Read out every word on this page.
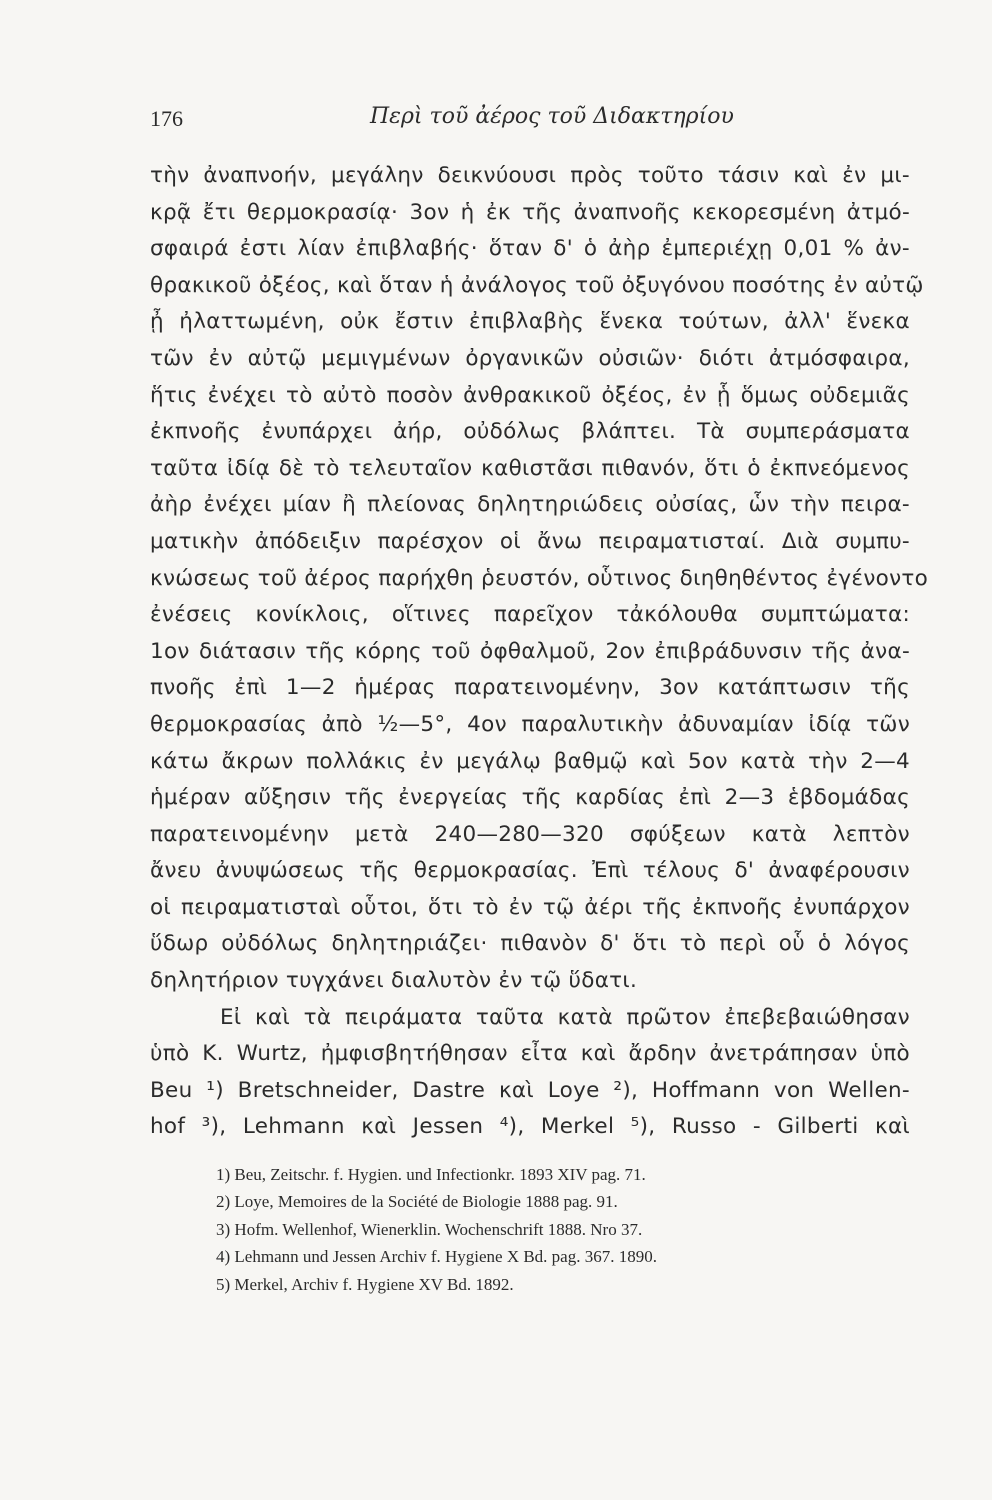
176	Περὶ τοῦ ἀέρος τοῦ Διδακτηρίου
τὴν ἀναπνοήν, μεγάλην δεικνύουσι πρὸς τοῦτο τάσιν καὶ ἐν μι-
κρᾷ ἔτι θερμοκρασίᾳ· 3ον ἡ ἐκ τῆς ἀναπνοῆς κεκορεσμένη ἀτμό-
σφαιρά ἐστι λίαν ἐπιβλαβής· ὅταν δ' ὁ ἀὴρ ἐμπεριέχῃ 0,01 % ἀν-
θρακικοῦ ὀξέος, καὶ ὅταν ἡ ἀνάλογος τοῦ ὀξυγόνου ποσότης ἐν αὐτῷ
ᾖ ἠλαττωμένη, οὐκ ἔστιν ἐπιβλαβὴς ἕνεκα τούτων, ἀλλ' ἕνεκα
τῶν ἐν αὐτῷ μεμιγμένων ὀργανικῶν οὐσιῶν· διότι ἀτμόσφαιρα,
ἥτις ἐνέχει τὸ αὐτὸ ποσὸν ἀνθρακικοῦ ὀξέος, ἐν ᾗ ὅμως οὐδεμιᾶς
ἐκπνοῆς ἐνυπάρχει ἀήρ, οὐδόλως βλάπτει. Τὰ συμπεράσματα
ταῦτα ἰδίᾳ δὲ τὸ τελευταῖον καθιστᾶσι πιθανόν, ὅτι ὁ ἐκπνεόμενος
ἀὴρ ἐνέχει μίαν ἢ πλείονας δηλητηριώδεις οὐσίας, ὧν τὴν πειρα-
ματικὴν ἀπόδειξιν παρέσχον οἱ ἄνω πειραματισταί. Διὰ συμπυ-
κνώσεως τοῦ ἀέρος παρήχθη ῥευστόν, οὗτινος διηθηθέντος ἐγένοντο
ἐνέσεις κονίκλοις, οἵτινες παρεῖχον τἀκόλουθα συμπτώματα:
1ον διάτασιν τῆς κόρης τοῦ ὀφθαλμοῦ, 2ον ἐπιβράδυνσιν τῆς ἀνα-
πνοῆς ἐπὶ 1—2 ἡμέρας παρατεινομένην, 3ον κατάπτωσιν τῆς
θερμοκρασίας ἀπὸ ½—5°, 4ον παραλυτικὴν ἀδυναμίαν ἰδίᾳ τῶν
κάτω ἄκρων πολλάκις ἐν μεγάλῳ βαθμῷ καὶ 5ον κατὰ τὴν 2—4
ἡμέραν αὔξησιν τῆς ἐνεργείας τῆς καρδίας ἐπὶ 2—3 ἑβδομάδας
παρατεινομένην μετὰ 240—280—320 σφύξεων κατὰ λεπτὸν
ἄνευ ἀνυψώσεως τῆς θερμοκρασίας. Ἐπὶ τέλους δ' ἀναφέρουσιν
οἱ πειραματισταὶ οὗτοι, ὅτι τὸ ἐν τῷ ἀέρι τῆς ἐκπνοῆς ἐνυπάρχον
ὕδωρ οὐδόλως δηλητηριάζει· πιθανὸν δ' ὅτι τὸ περὶ οὗ ὁ λόγος
δηλητήριον τυγχάνει διαλυτὸν ἐν τῷ ὕδατι.
Εἰ καὶ τὰ πειράματα ταῦτα κατὰ πρῶτον ἐπεβεβαιώθησαν
ὑπὸ K. Wurtz, ἠμφισβητήθησαν εἶτα καὶ ἄρδην ἀνετράπησαν ὑπὸ
Beu ¹) Bretschneider, Dastre καὶ Loye ²), Hoffmann von Wellen-
hof ³), Lehmann καὶ Jessen ⁴), Merkel ⁵), Russo - Gilberti καὶ
1) Beu, Zeitschr. f. Hygien. und Infectionkr. 1893 XIV pag. 71.
2) Loye, Memoires de la Société de Biologie 1888 pag. 91.
3) Hofm. Wellenhof, Wienerklin. Wochenschrift 1888. Nro 37.
4) Lehmann und Jessen Archiv f. Hygiene X Bd. pag. 367. 1890.
5) Merkel, Archiv f. Hygiene XV Bd. 1892.
